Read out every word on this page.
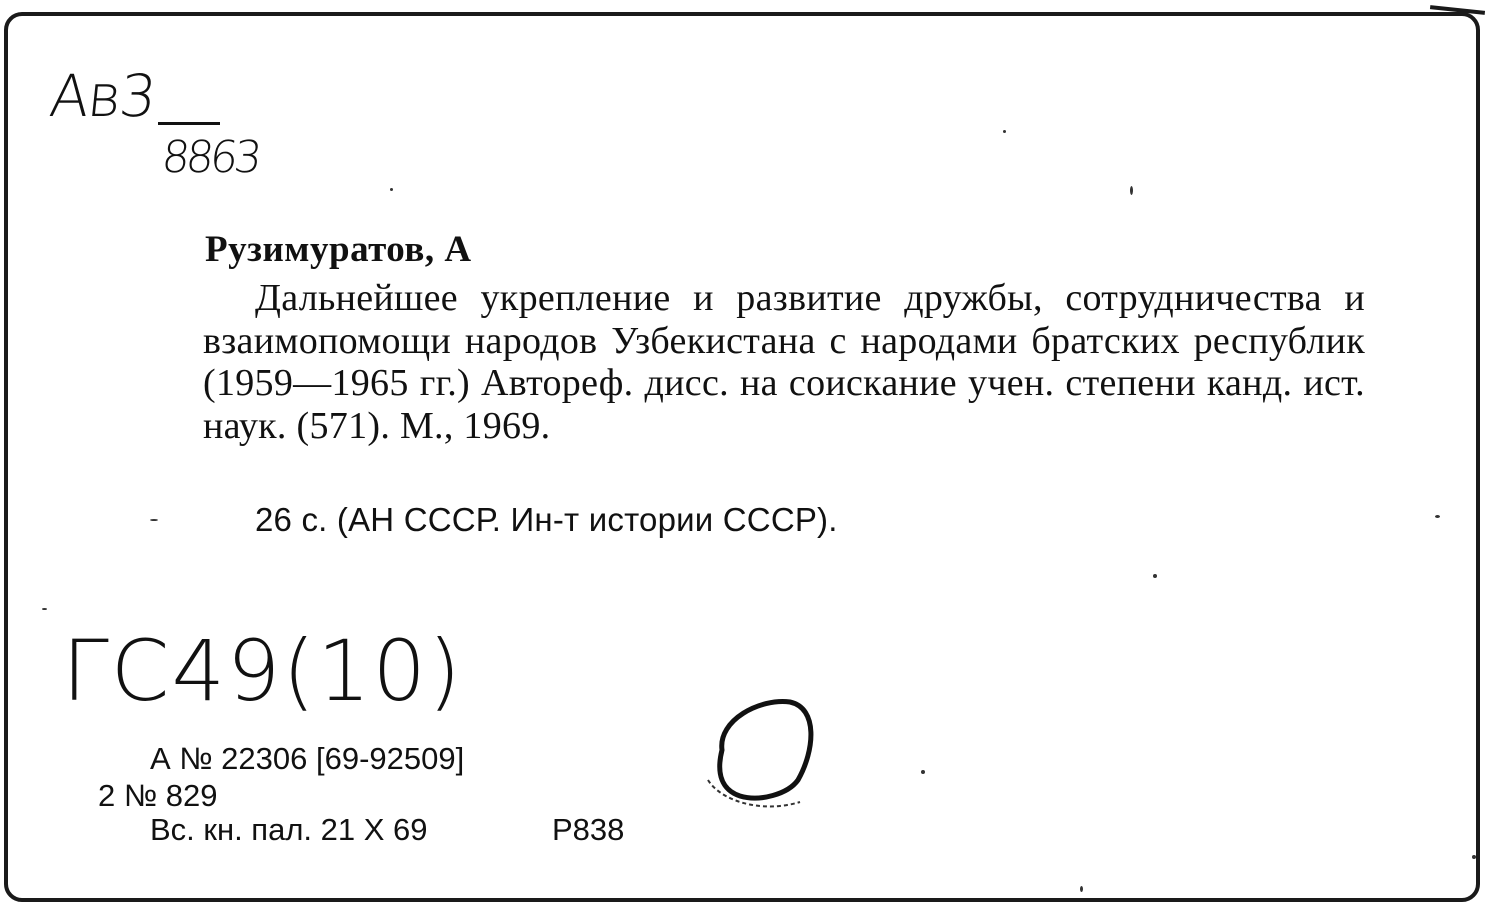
Ав3
8863
Рузимуратов, А
Дальнейшее укрепление и развитие дружбы, сотрудничества и взаимопомощи народов Узбекистана с народами братских республик (1959—1965 гг.) Автореф. дисс. на соискание учен. степени канд. ист. наук. (571). М., 1969.
26 с. (АН СССР. Ин-т истории СССР).
ГС49(10)
А № 22306 [69-92509]
2 № 829
Вс. кн. пал. 21 X 69	Р838
